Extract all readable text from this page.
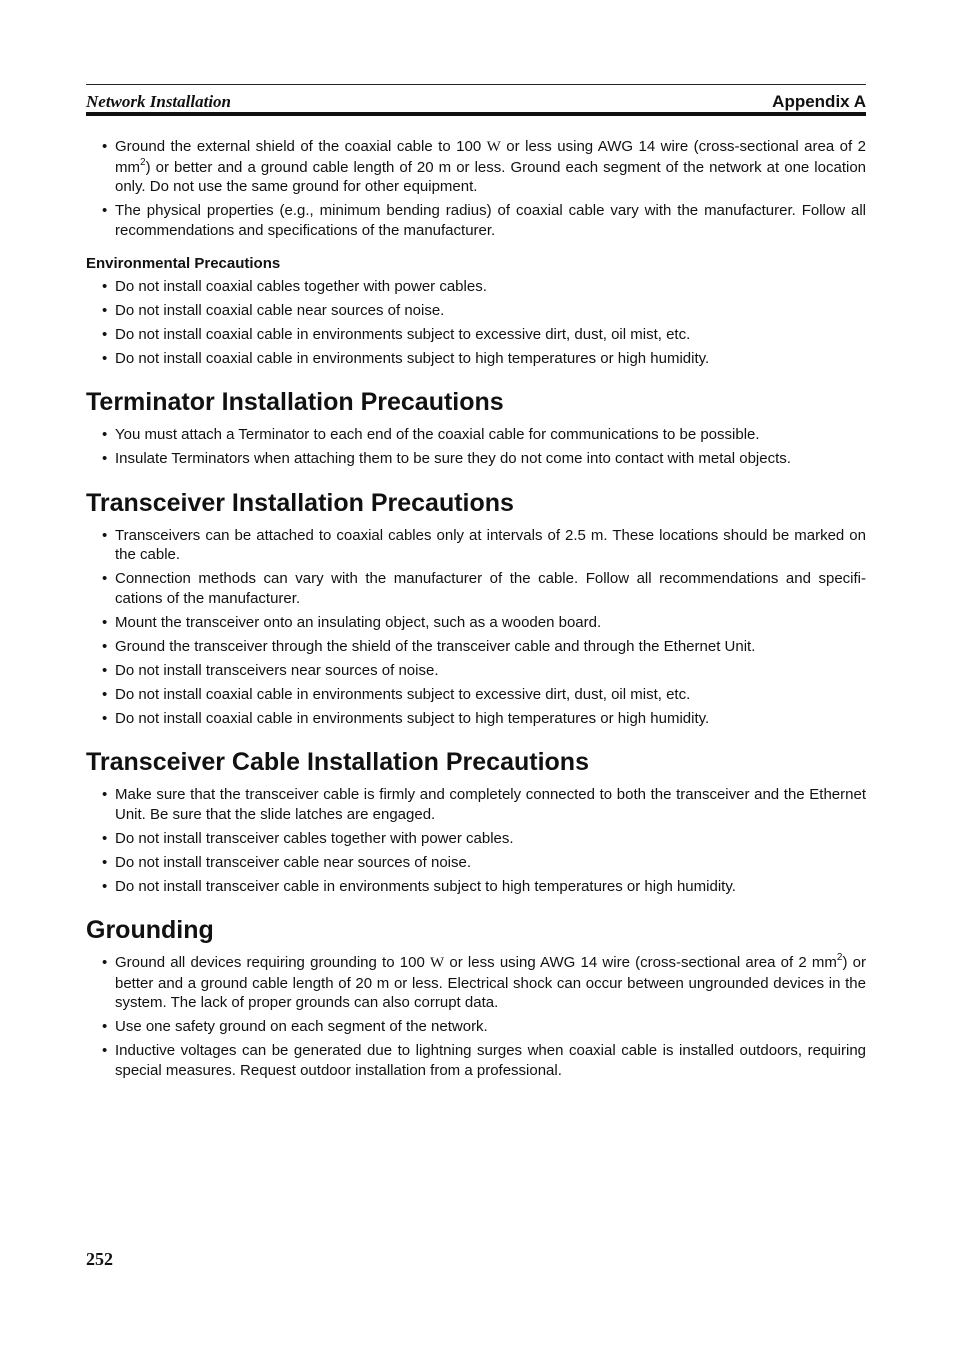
Network Installation	Appendix A
• Ground the external shield of the coaxial cable to 100 W or less using AWG 14 wire (cross-sectional area of 2 $mm^2$) or better and a ground cable length of 20 m or less. Ground each segment of the network at one location only. Do not use the same ground for other equipment.
• The physical properties (e.g., minimum bending radius) of coaxial cable vary with the manufacturer. Follow all recommendations and specifications of the manufacturer.
Environmental Precautions
• Do not install coaxial cables together with power cables.
• Do not install coaxial cable near sources of noise.
• Do not install coaxial cable in environments subject to excessive dirt, dust, oil mist, etc.
• Do not install coaxial cable in environments subject to high temperatures or high humidity.
Terminator Installation Precautions
• You must attach a Terminator to each end of the coaxial cable for communications to be possible.
• Insulate Terminators when attaching them to be sure they do not come into contact with metal objects.
Transceiver Installation Precautions
• Transceivers can be attached to coaxial cables only at intervals of 2.5 m. These locations should be marked on the cable.
• Connection methods can vary with the manufacturer of the cable. Follow all recommendations and specifi-cations of the manufacturer.
• Mount the transceiver onto an insulating object, such as a wooden board.
• Ground the transceiver through the shield of the transceiver cable and through the Ethernet Unit.
• Do not install transceivers near sources of noise.
• Do not install coaxial cable in environments subject to excessive dirt, dust, oil mist, etc.
• Do not install coaxial cable in environments subject to high temperatures or high humidity.
Transceiver Cable Installation Precautions
• Make sure that the transceiver cable is firmly and completely connected to both the transceiver and the Ethernet Unit. Be sure that the slide latches are engaged.
• Do not install transceiver cables together with power cables.
• Do not install transceiver cable near sources of noise.
• Do not install transceiver cable in environments subject to high temperatures or high humidity.
Grounding
• Ground all devices requiring grounding to 100 W or less using AWG 14 wire (cross-sectional area of 2 $mm^2$) or better and a ground cable length of 20 m or less. Electrical shock can occur between ungrounded devices in the system. The lack of proper grounds can also corrupt data.
• Use one safety ground on each segment of the network.
• Inductive voltages can be generated due to lightning surges when coaxial cable is installed outdoors, requiring special measures. Request outdoor installation from a professional.
252
